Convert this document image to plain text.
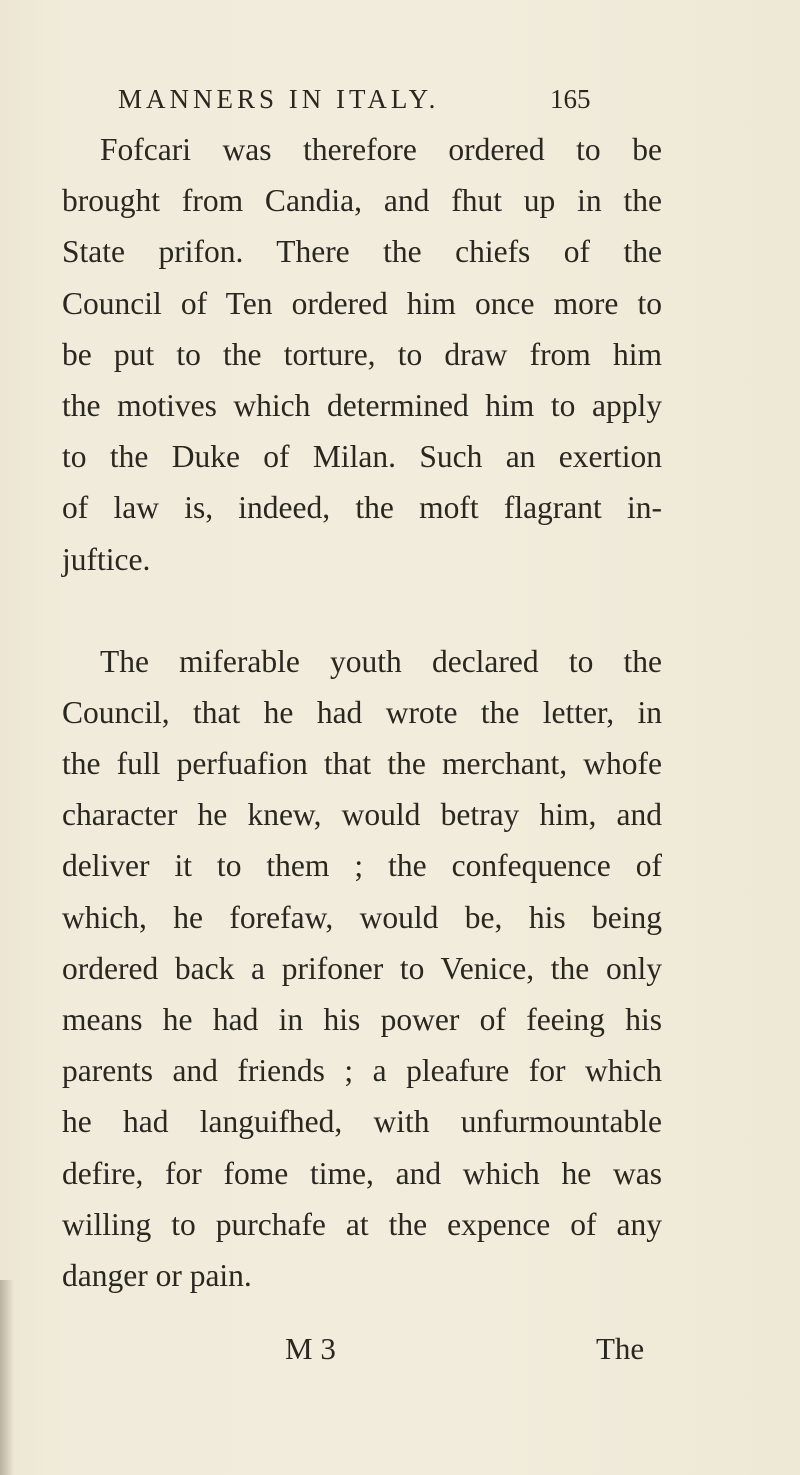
MANNERS IN ITALY.	165
Fofcari was therefore ordered to be
brought from Candia, and fhut up in the
State prifon. There the chiefs of the
Council of Ten ordered him once more to
be put to the torture, to draw from him
the motives which determined him to apply
to the Duke of Milan. Such an exertion
of law is, indeed, the moft flagrant in-
juftice.
The miferable youth declared to the
Council, that he had wrote the letter, in
the full perfuafion that the merchant, whofe
character he knew, would betray him, and
deliver it to them ; the confequence of
which, he forefaw, would be, his being
ordered back a prifoner to Venice, the only
means he had in his power of feeing his
parents and friends ; a pleafure for which
he had languifhed, with unfurmountable
defire, for fome time, and which he was
willing to purchafe at the expence of any
danger or pain.
M 3	The
